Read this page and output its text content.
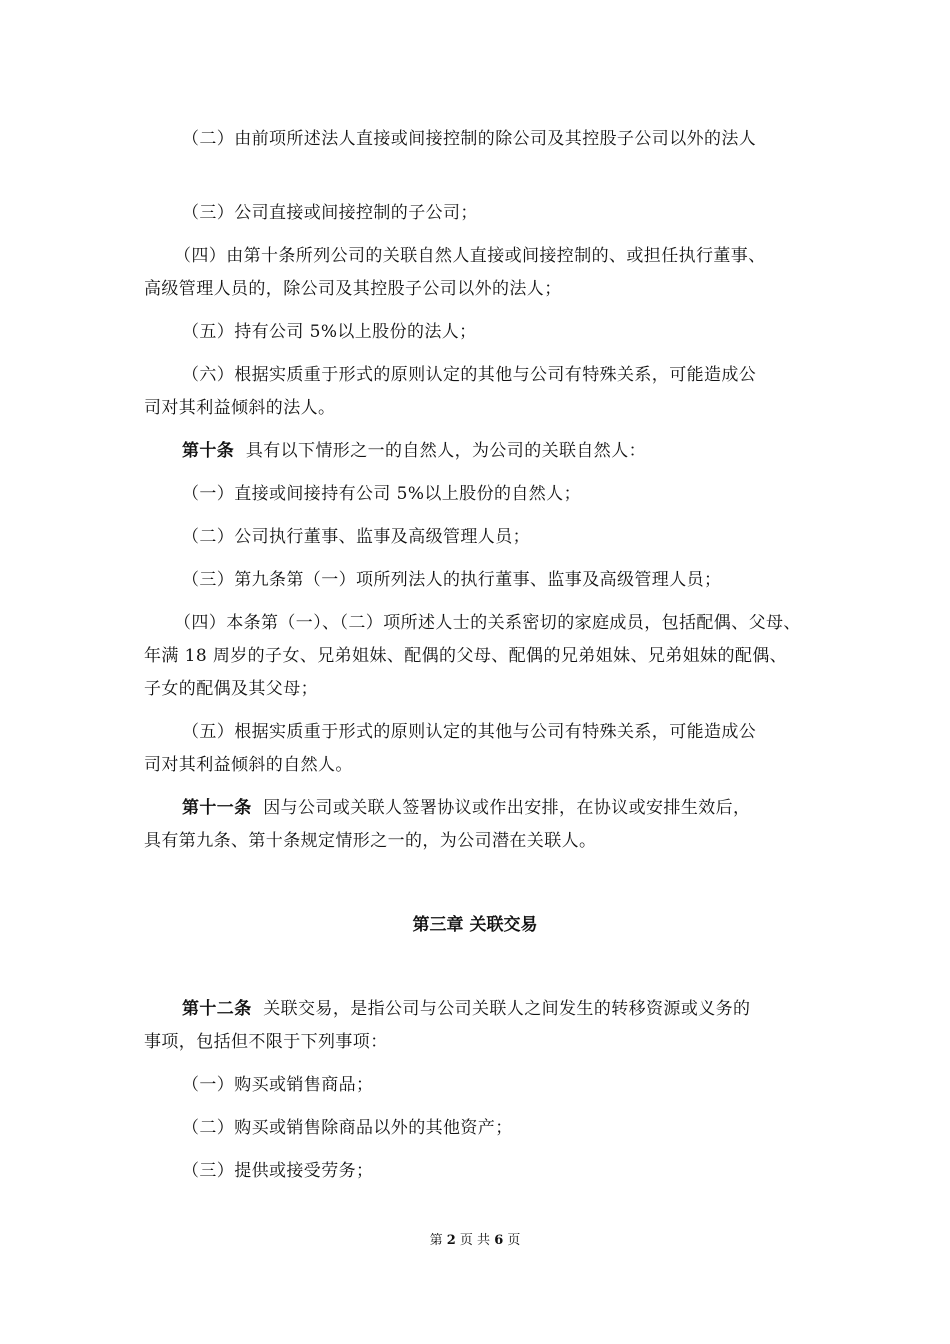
（二）由前项所述法人直接或间接控制的除公司及其控股子公司以外的法人
（三）公司直接或间接控制的子公司；
（四）由第十条所列公司的关联自然人直接或间接控制的、或担任执行董事、
高级管理人员的，除公司及其控股子公司以外的法人；
（五）持有公司 5%以上股份的法人；
（六）根据实质重于形式的原则认定的其他与公司有特殊关系，可能造成公
司对其利益倾斜的法人。
第十条 具有以下情形之一的自然人，为公司的关联自然人：
（一）直接或间接持有公司 5%以上股份的自然人；
（二）公司执行董事、监事及高级管理人员；
（三）第九条第（一）项所列法人的执行董事、监事及高级管理人员；
（四）本条第（一）、（二）项所述人士的关系密切的家庭成员，包括配偶、父母、
年满 18 周岁的子女、兄弟姐妹、配偶的父母、配偶的兄弟姐妹、兄弟姐妹的配偶、
子女的配偶及其父母；
（五）根据实质重于形式的原则认定的其他与公司有特殊关系，可能造成公
司对其利益倾斜的自然人。
第十一条 因与公司或关联人签署协议或作出安排，在协议或安排生效后，
具有第九条、第十条规定情形之一的，为公司潜在关联人。
第三章 关联交易
第十二条 关联交易，是指公司与公司关联人之间发生的转移资源或义务的
事项，包括但不限于下列事项：
（一）购买或销售商品；
（二）购买或销售除商品以外的其他资产；
（三）提供或接受劳务；
第 2 页 共 6 页
